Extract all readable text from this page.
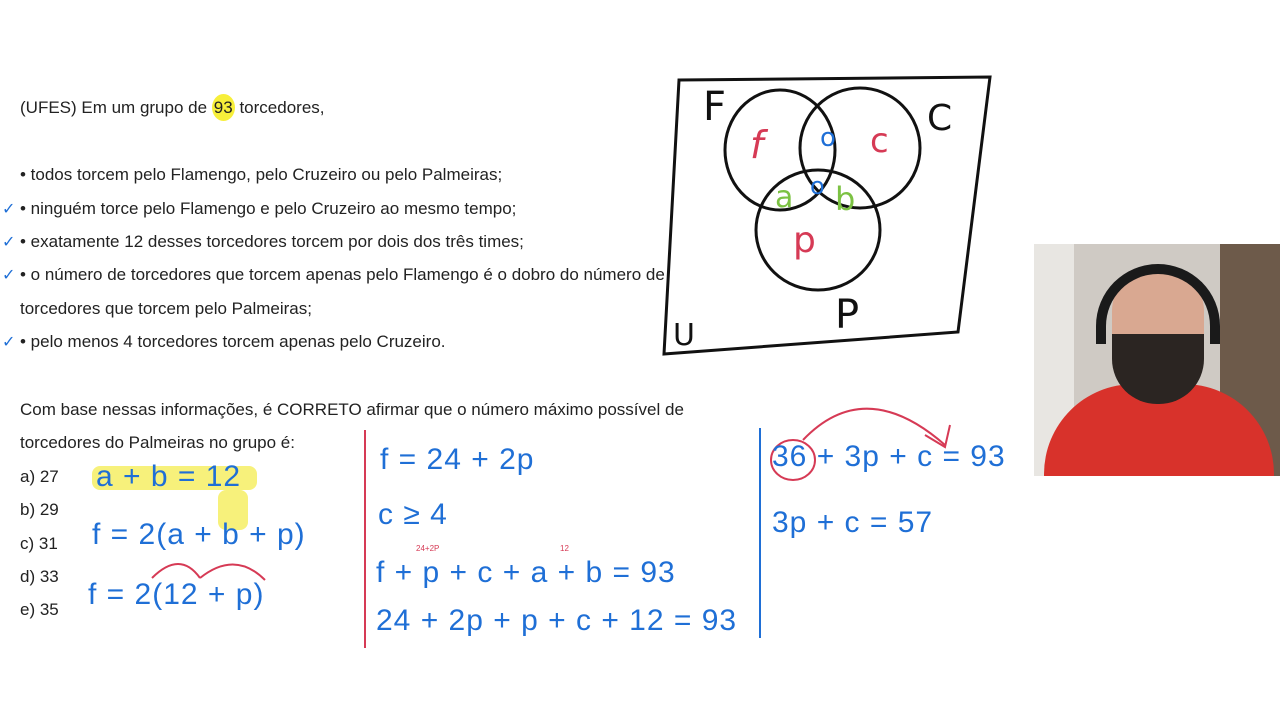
(UFES) Em um grupo de 93 torcedores,
• todos torcem pelo Flamengo, pelo Cruzeiro ou pelo Palmeiras;
• ninguém torce pelo Flamengo e pelo Cruzeiro ao mesmo tempo;
• exatamente 12 desses torcedores torcem por dois dos três times;
• o número de torcedores que torcem apenas pelo Flamengo é o dobro do número de
torcedores que torcem pelo Palmeiras;
• pelo menos 4 torcedores torcem apenas pelo Cruzeiro.
✓
✓
✓
✓
Com base nessas informações, é CORRETO afirmar que o número máximo possível de
torcedores do Palmeiras no grupo é:
a) 27
b) 29
c) 31
d) 33
e) 35
F	C
P
U
f	c
p
a b
o
o
a + b = 12
f = 2(a + b + p)
f = 2(12 + p)
f = 24 + 2p
c ≥ 4
f + p + c + a + b = 93
24 + 2p + p + c + 12 = 93
24+2P	12
36 + 3p + c = 93
3p + c = 57
